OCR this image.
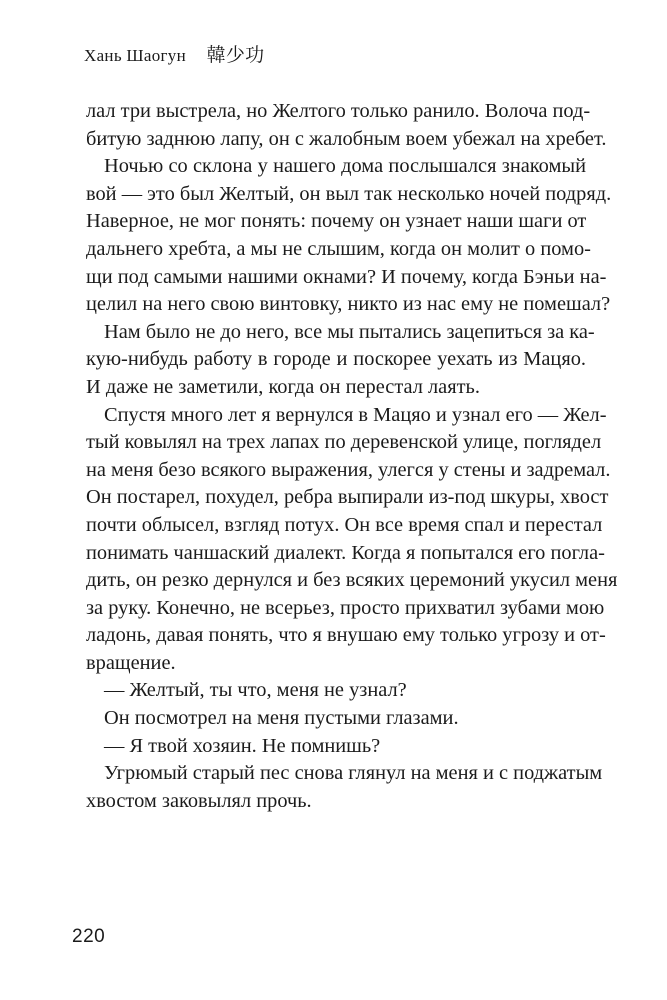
Хань Шаогун 韓少功
лал три выстрела, но Желтого только ранило. Волоча под-
битую заднюю лапу, он с жалобным воем убежал на хребет.
Ночью со склона у нашего дома послышался знакомый
вой — это был Желтый, он выл так несколько ночей подряд.
Наверное, не мог понять: почему он узнает наши шаги от
дальнего хребта, а мы не слышим, когда он молит о помо-
щи под самыми нашими окнами? И почему, когда Бэньи на-
целил на него свою винтовку, никто из нас ему не помешал?
Нам было не до него, все мы пытались зацепиться за ка-
кую-нибудь работу в городе и поскорее уехать из Мацяо.
И даже не заметили, когда он перестал лаять.
Спустя много лет я вернулся в Мацяо и узнал его — Жел-
тый ковылял на трех лапах по деревенской улице, поглядел
на меня безо всякого выражения, улегся у стены и задремал.
Он постарел, похудел, ребра выпирали из-под шкуры, хвост
почти облысел, взгляд потух. Он все время спал и перестал
понимать чаншаский диалект. Когда я попытался его погла-
дить, он резко дернулся и без всяких церемоний укусил меня
за руку. Конечно, не всерьез, просто прихватил зубами мою
ладонь, давая понять, что я внушаю ему только угрозу и от-
вращение.
— Желтый, ты что, меня не узнал?
Он посмотрел на меня пустыми глазами.
— Я твой хозяин. Не помнишь?
Угрюмый старый пес снова глянул на меня и с поджатым
хвостом заковылял прочь.
220
